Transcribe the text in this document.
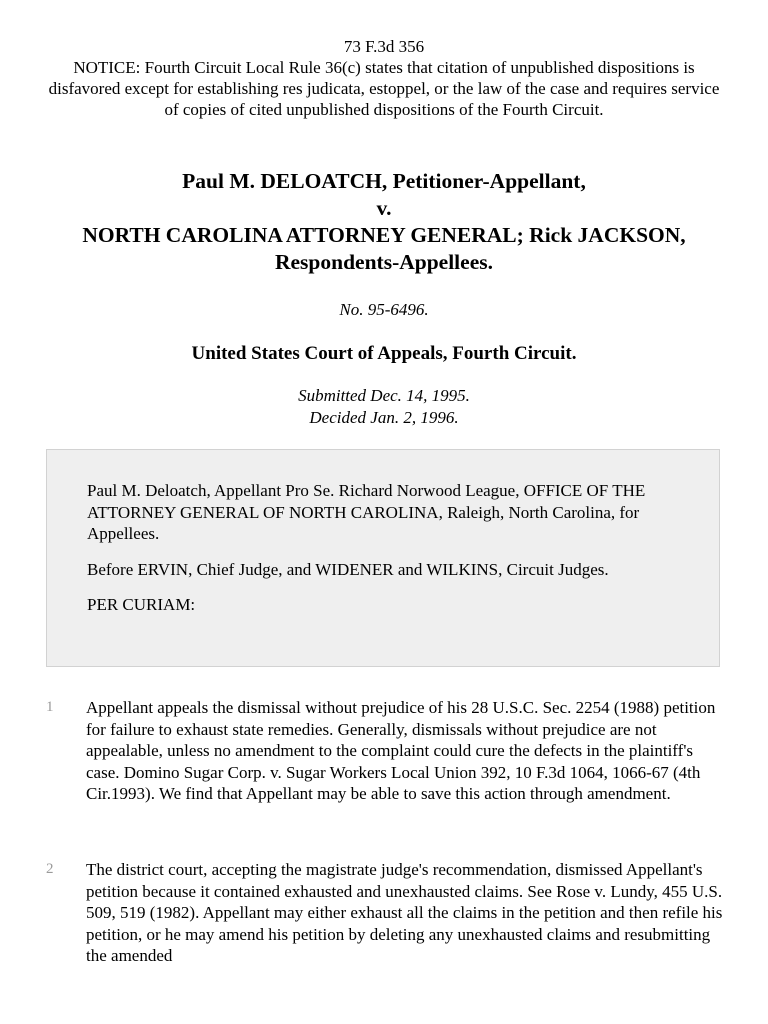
73 F.3d 356
NOTICE: Fourth Circuit Local Rule 36(c) states that citation of unpublished dispositions is disfavored except for establishing res judicata, estoppel, or the law of the case and requires service of copies of cited unpublished dispositions of the Fourth Circuit.
Paul M. DELOATCH, Petitioner-Appellant,
v.
NORTH CAROLINA ATTORNEY GENERAL; Rick JACKSON, Respondents-Appellees.
No. 95-6496.
United States Court of Appeals, Fourth Circuit.
Submitted Dec. 14, 1995.
Decided Jan. 2, 1996.

Paul M. Deloatch, Appellant Pro Se. Richard Norwood League, OFFICE OF THE ATTORNEY GENERAL OF NORTH CAROLINA, Raleigh, North Carolina, for Appellees.

Before ERVIN, Chief Judge, and WIDENER and WILKINS, Circuit Judges.

PER CURIAM:

1 Appellant appeals the dismissal without prejudice of his 28 U.S.C. Sec. 2254 (1988) petition for failure to exhaust state remedies. Generally, dismissals without prejudice are not appealable, unless no amendment to the complaint could cure the defects in the plaintiff's case. Domino Sugar Corp. v. Sugar Workers Local Union 392, 10 F.3d 1064, 1066-67 (4th Cir.1993). We find that Appellant may be able to save this action through amendment.

2 The district court, accepting the magistrate judge's recommendation, dismissed Appellant's petition because it contained exhausted and unexhausted claims. See Rose v. Lundy, 455 U.S. 509, 519 (1982). Appellant may either exhaust all the claims in the petition and then refile his petition, or he may amend his petition by deleting any unexhausted claims and resubmitting the amended
